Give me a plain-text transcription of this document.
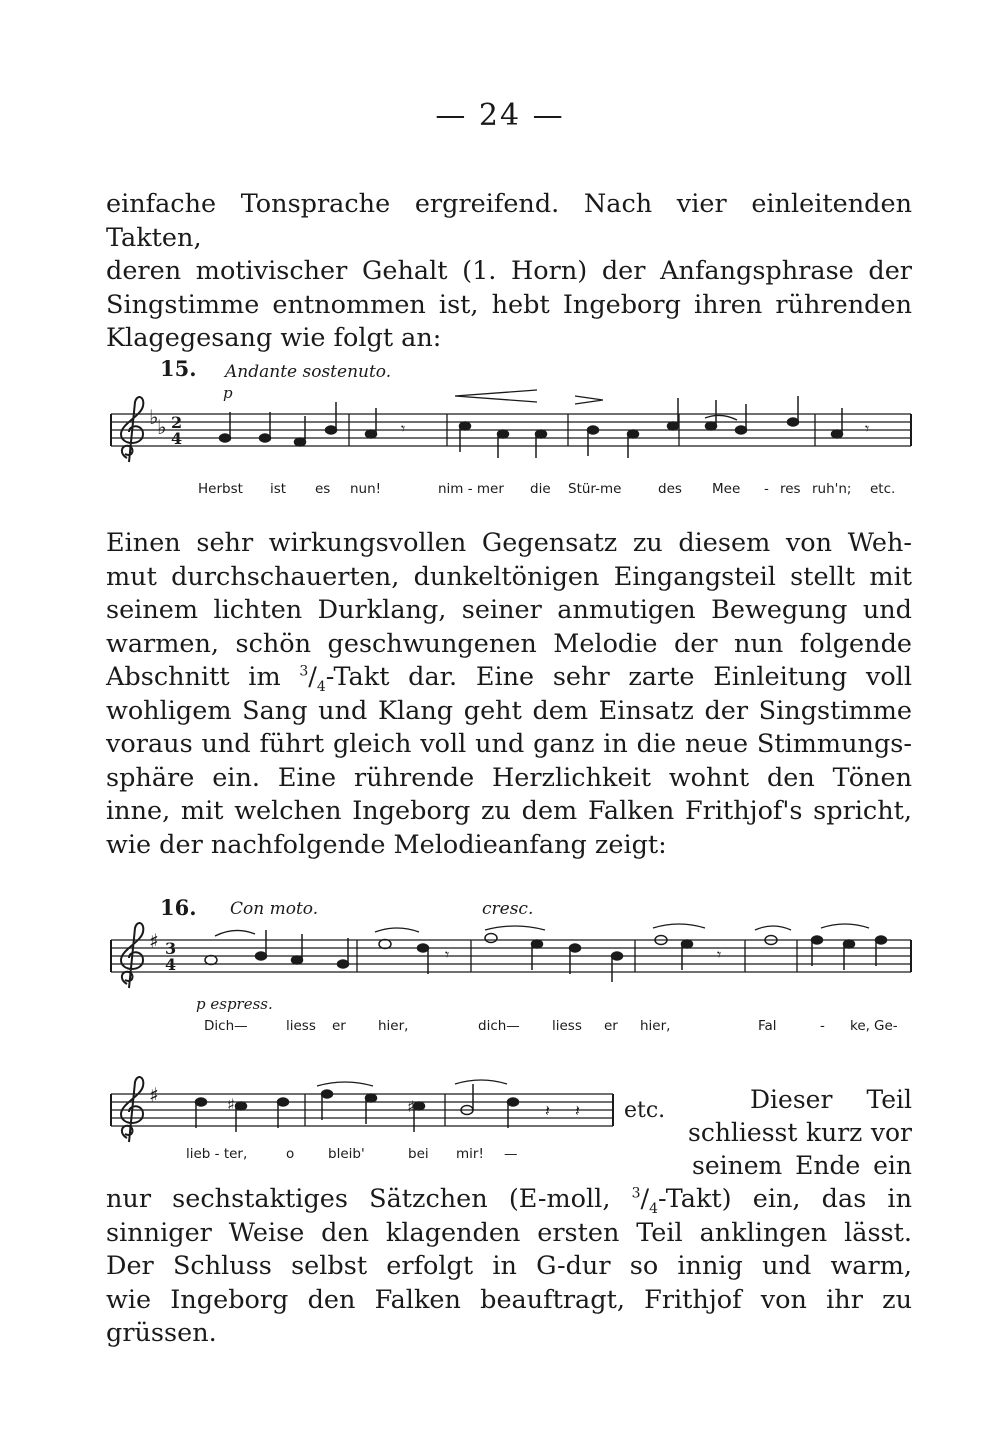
— 24 —
einfache Tonsprache ergreifend. Nach vier einleitenden Takten,
deren motivischer Gehalt (1. Horn) der Anfangsphrase der
Singstimme entnommen ist, hebt Ingeborg ihren rührenden
Klagegesang wie folgt an:
15. Andante sostenuto.
p
♭
♭ 2
4
𝄾	𝄾
Herbst ist es nun!	nim - mer die Stür-me	des Mee - res ruh'n; etc.
Einen sehr wirkungsvollen Gegensatz zu diesem von Weh-
mut durchschauerten, dunkeltönigen Eingangsteil stellt mit
seinem lichten Durklang, seiner anmutigen Bewegung und
warmen, schön geschwungenen Melodie der nun folgende
Abschnitt im $^3/_4$-Takt dar. Eine sehr zarte Einleitung voll
wohligem Sang und Klang geht dem Einsatz der Singstimme
voraus und führt gleich voll und ganz in die neue Stimmungs-
sphäre ein. Eine rührende Herzlichkeit wohnt den Tönen
inne, mit welchen Ingeborg zu dem Falken Frithjof's spricht,
wie der nachfolgende Melodieanfang zeigt:
16. Con moto.	cresc.
♯ 3
4
𝄾	𝄾
p espress.
Dich—	liess er hier,	dich— liess er hier,	Fal	- ke, Ge-
♯	♯	♯	𝄽 𝄽 etc.
lieb - ter,	o bleib'	bei mir! —
Dieser Teil
schliesst kurz vor
seinem Ende ein
nur sechstaktiges Sätzchen (E-moll, $^3/_4-Takt$) ein, das in
sinniger Weise den klagenden ersten Teil anklingen lässt.
Der Schluss selbst erfolgt in G-dur so innig und warm,
wie Ingeborg den Falken beauftragt, Frithjof von ihr zu
grüssen.
